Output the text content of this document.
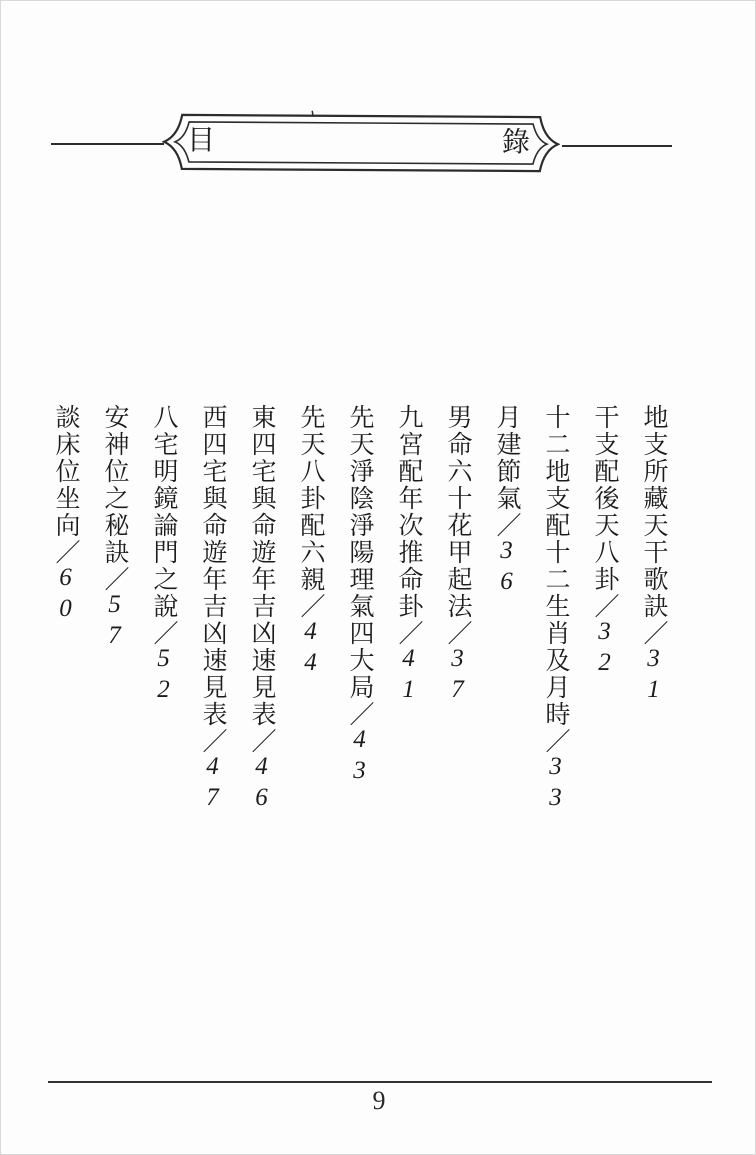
目	錄

地支所藏天干歌訣／31

干支配後天八卦／32

十二地支配十二生肖及月時／33

月建節氣／36

男命六十花甲起法／37

九宮配年次推命卦／41

先天淨陰淨陽理氣四大局／43

先天八卦配六親／44

東四宅與命遊年吉凶速見表／46

西四宅與命遊年吉凶速見表／47

八宅明鏡論門之說／52

安神位之秘訣／57

談床位坐向／60

9
